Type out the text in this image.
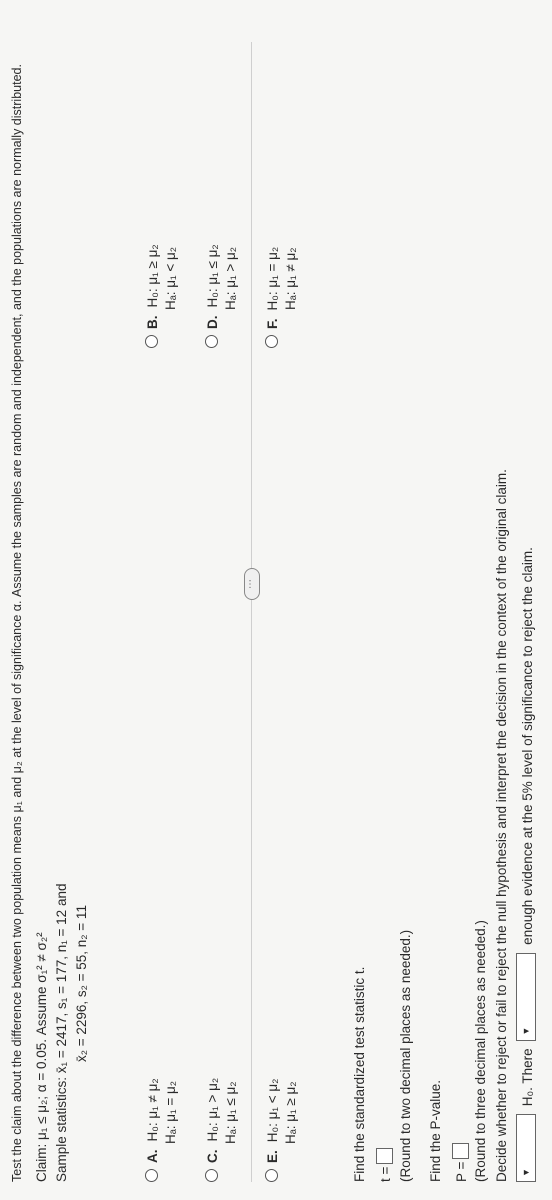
Test the claim about the difference between two population means μ₁ and μ₂ at the level of significance α. Assume the samples are random and independent, and the populations are normally distributed. Claim: μ₁ ≤ μ₂; α = 0.05. Assume σ₁² ≠ σ₂² Sample statistics: x̄₁ = 2417, s₁ = 177, n₁ = 12 and x̄₂ = 2296, s₂ = 55, n₂ = 11
⋯
A.H₀: μ₁ ≠ μ₂ Hₐ: μ₁ = μ₂
C.H₀: μ₁ > μ₂ Hₐ: μ₁ ≤ μ₂
E.H₀: μ₁ < μ₂ Hₐ: μ₁ ≥ μ₂
B.H₀: μ₁ ≥ μ₂ Hₐ: μ₁ < μ₂
D.H₀: μ₁ ≤ μ₂ Hₐ: μ₁ > μ₂
F.H₀: μ₁ = μ₂ Hₐ: μ₁ ≠ μ₂
Find the standardized test statistic t. t = (Round to two decimal places as needed.) Find the P-value. P = (Round to three decimal places as needed.) Decide whether to reject or fail to reject the null hypothesis and interpret the decision in the context of the original claim. ▼
H₀. There
▼
enough evidence at the 5% level of significance to reject the claim.
